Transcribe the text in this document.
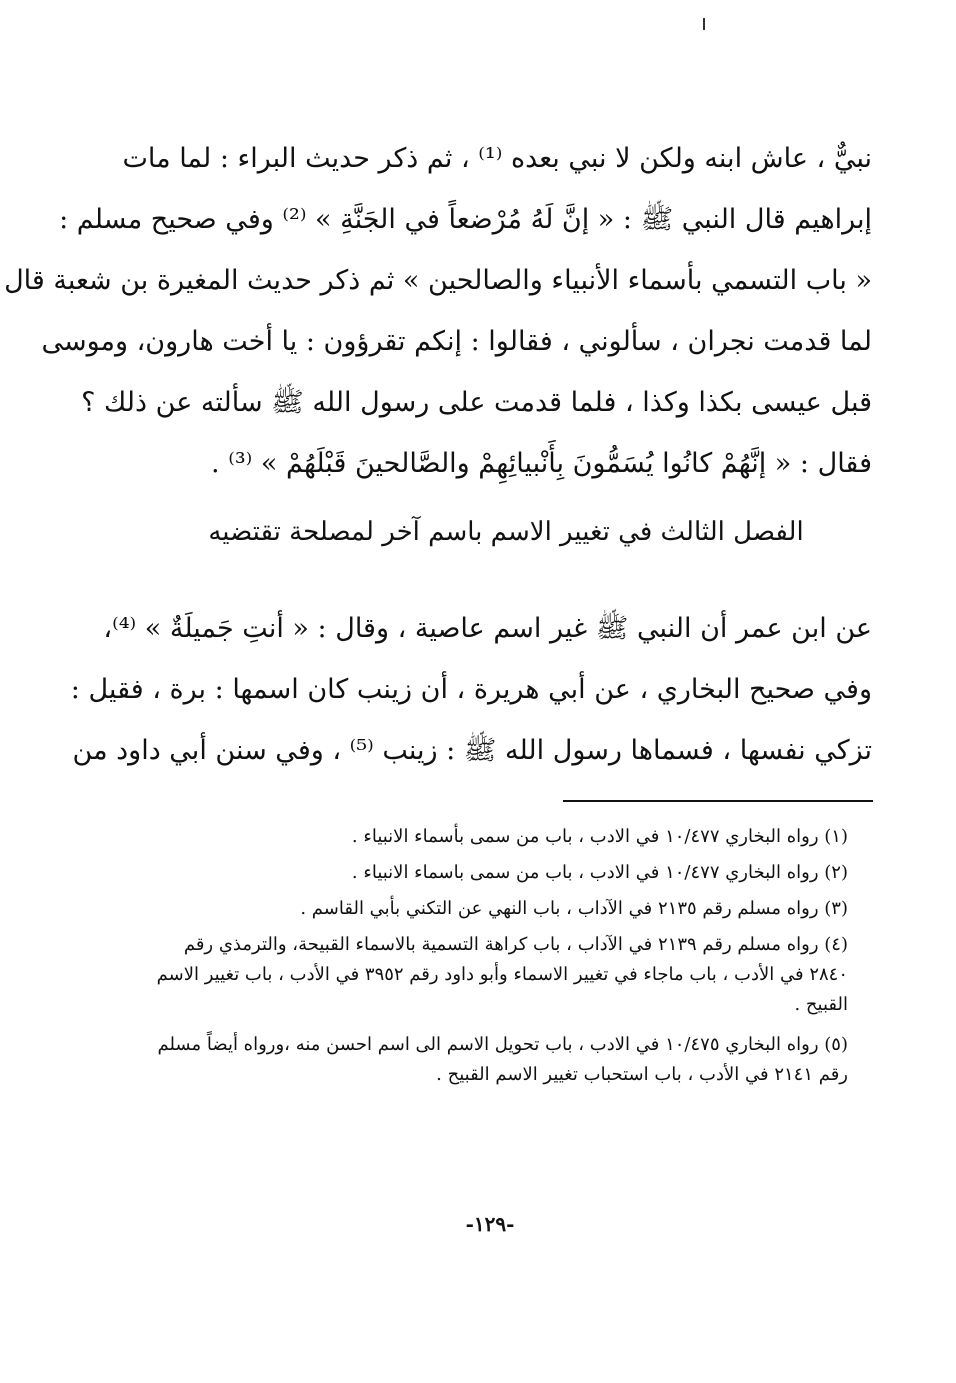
نبيٌّ ، عاش ابنه ولكن لا نبي بعده ⁽¹⁾ ، ثم ذكر حديث البراء : لما مات
إبراهيم قال النبي ﷺ : « إنَّ لَهُ مُرْضعاً في الجَنَّةِ » ⁽²⁾ وفي صحيح مسلم :
« باب التسمي بأسماء الأنبياء والصالحين » ثم ذكر حديث المغيرة بن شعبة قال
لما قدمت نجران ، سألوني ، فقالوا : إنكم تقرؤون : يا أخت هارون، وموسى
قبل عيسى بكذا وكذا ، فلما قدمت على رسول الله ﷺ سألته عن ذلك ؟
فقال : « إنَّهُمْ كانُوا يُسَمُّونَ بِأَنْبيائِهِمْ والصَّالحينَ قَبْلَهُمْ » ⁽³⁾ .
الفصل الثالث في تغيير الاسم باسم آخر لمصلحة تقتضيه
عن ابن عمر أن النبي ﷺ غير اسم عاصية ، وقال : « أنتِ جَميلَةٌ » ⁽⁴⁾،
وفي صحيح البخاري ، عن أبي هريرة ، أن زينب كان اسمها : برة ، فقيل :
تزكي نفسها ، فسماها رسول الله ﷺ : زينب ⁽⁵⁾ ، وفي سنن أبي داود من
(١) رواه البخاري ١٠/٤٧٧ في الادب ، باب من سمى بأسماء الانبياء .
(٢) رواه البخاري ١٠/٤٧٧ في الادب ، باب من سمى باسماء الانبياء .
(٣) رواه مسلم رقم ٢١٣٥ في الآداب ، باب النهي عن التكني بأبي القاسم .
(٤) رواه مسلم رقم ٢١٣٩ في الآداب ، باب كراهة التسمية بالاسماء القبيحة، والترمذي رقم ٢٨٤٠ في الأدب ، باب ماجاء في تغيير الاسماء وأبو داود رقم ٣٩٥٢ في الأدب ، باب تغيير الاسم القبيح .
(٥) رواه البخاري ١٠/٤٧٥ في الادب ، باب تحويل الاسم الى اسم احسن منه ،ورواه أيضاً مسلم رقم ٢١٤١ في الأدب ، باب استحباب تغيير الاسم القبيح .
-١٢٩-
